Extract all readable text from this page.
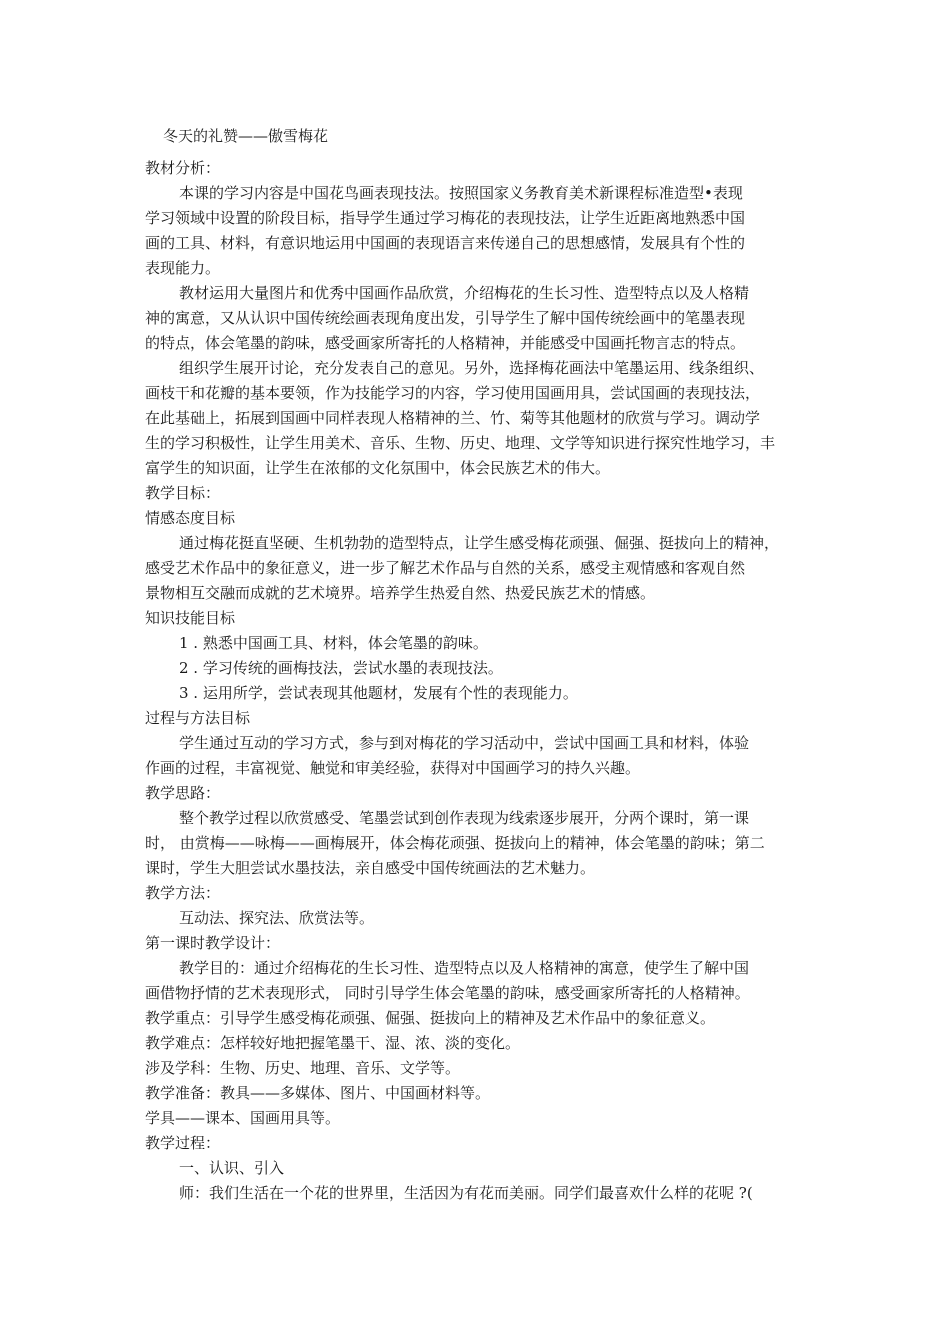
冬天的礼赞——傲雪梅花
教材分析：
本课的学习内容是中国花鸟画表现技法。按照国家义务教育美术新课程标准造型•表现
学习领域中设置的阶段目标，指导学生通过学习梅花的表现技法，让学生近距离地熟悉中国
画的工具、材料，有意识地运用中国画的表现语言来传递自己的思想感情，发展具有个性的
表现能力。
教材运用大量图片和优秀中国画作品欣赏，介绍梅花的生长习性、造型特点以及人格精
神的寓意，又从认识中国传统绘画表现角度出发，引导学生了解中国传统绘画中的笔墨表现
的特点，体会笔墨的韵味，感受画家所寄托的人格精神，并能感受中国画托物言志的特点。
组织学生展开讨论，充分发表自己的意见。另外，选择梅花画法中笔墨运用、线条组织、
画枝干和花瓣的基本要领，作为技能学习的内容，学习使用国画用具，尝试国画的表现技法，
在此基础上，拓展到国画中同样表现人格精神的兰、竹、菊等其他题材的欣赏与学习。调动学
生的学习积极性，让学生用美术、音乐、生物、历史、地理、文学等知识进行探究性地学习，丰
富学生的知识面，让学生在浓郁的文化氛围中，体会民族艺术的伟大。
教学目标：
情感态度目标
通过梅花挺直坚硬、生机勃勃的造型特点，让学生感受梅花顽强、倔强、挺拔向上的精神，
感受艺术作品中的象征意义，进一步了解艺术作品与自然的关系，感受主观情感和客观自然
景物相互交融而成就的艺术境界。培养学生热爱自然、热爱民族艺术的情感。
知识技能目标
1 . 熟悉中国画工具、材料，体会笔墨的韵味。
2 . 学习传统的画梅技法，尝试水墨的表现技法。
3 . 运用所学，尝试表现其他题材，发展有个性的表现能力。
过程与方法目标
学生通过互动的学习方式，参与到对梅花的学习活动中，尝试中国画工具和材料，体验
作画的过程，丰富视觉、触觉和审美经验，获得对中国画学习的持久兴趣。
教学思路：
整个教学过程以欣赏感受、笔墨尝试到创作表现为线索逐步展开，分两个课时，第一课
时， 由赏梅——咏梅——画梅展开，体会梅花顽强、挺拔向上的精神，体会笔墨的韵味；第二
课时，学生大胆尝试水墨技法，亲自感受中国传统画法的艺术魅力。
教学方法：
互动法、探究法、欣赏法等。
第一课时教学设计：
教学目的：通过介绍梅花的生长习性、造型特点以及人格精神的寓意，使学生了解中国
画借物抒情的艺术表现形式， 同时引导学生体会笔墨的韵味，感受画家所寄托的人格精神。
教学重点：引导学生感受梅花顽强、倔强、挺拔向上的精神及艺术作品中的象征意义。
教学难点：怎样较好地把握笔墨干、湿、浓、淡的变化。
涉及学科：生物、历史、地理、音乐、文学等。
教学准备：教具——多媒体、图片、中国画材料等。
学具——课本、国画用具等。
教学过程：
一、认识、引入
师：我们生活在一个花的世界里，生活因为有花而美丽。同学们最喜欢什么样的花呢 ?(
